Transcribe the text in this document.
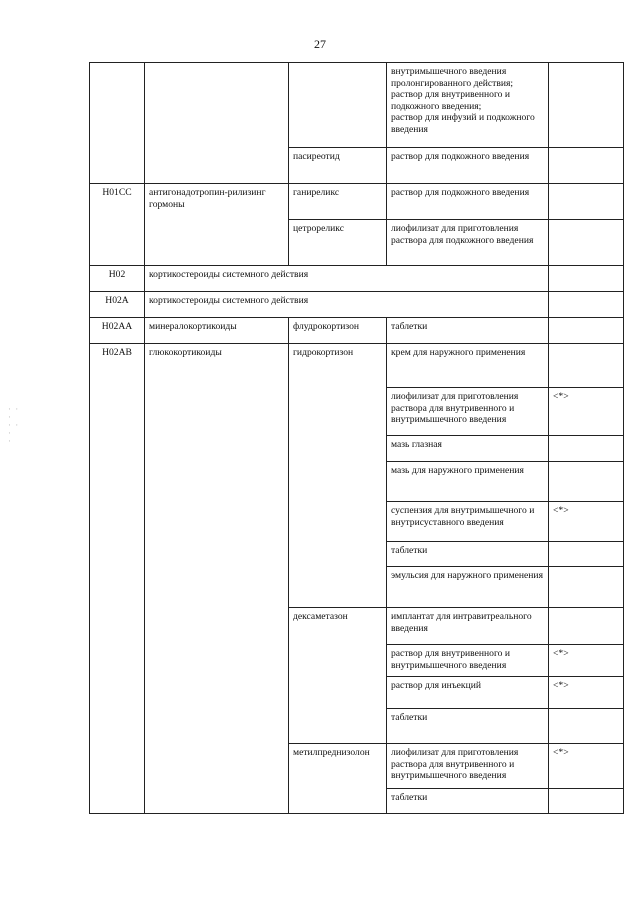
27
· ·
·
· ·
·
·
			внутримышечного введения пролонгированного действия;
раствор для внутривенного и подкожного введения;
раствор для инфузий и подкожного введения	
		пасиреотид	раствор для подкожного введения	
H01CC	антигонадотропин-рилизинг гормоны	ганиреликс	раствор для подкожного введения	
		цетрореликс	лиофилизат для приготовления раствора для подкожного введения	
H02	кортикостероиды системного действия			
H02A	кортикостероиды системного действия			
H02AA	минералокортикоиды	флудрокортизон	таблетки	
H02AB	глюкокортикоиды	гидрокортизон	крем для наружного применения	
			лиофилизат для приготовления раствора для внутривенного и внутримышечного введения	<*>
			мазь глазная	
			мазь для наружного применения	
			суспензия для внутримышечного и внутрисуставного введения	<*>
			таблетки	
			эмульсия для наружного применения	
		дексаметазон	имплантат для интравитреального введения	
			раствор для внутривенного и внутримышечного введения	<*>
			раствор для инъекций	<*>
			таблетки	
		метилпреднизолон	лиофилизат для приготовления раствора для внутривенного и внутримышечного введения	<*>
			таблетки	
